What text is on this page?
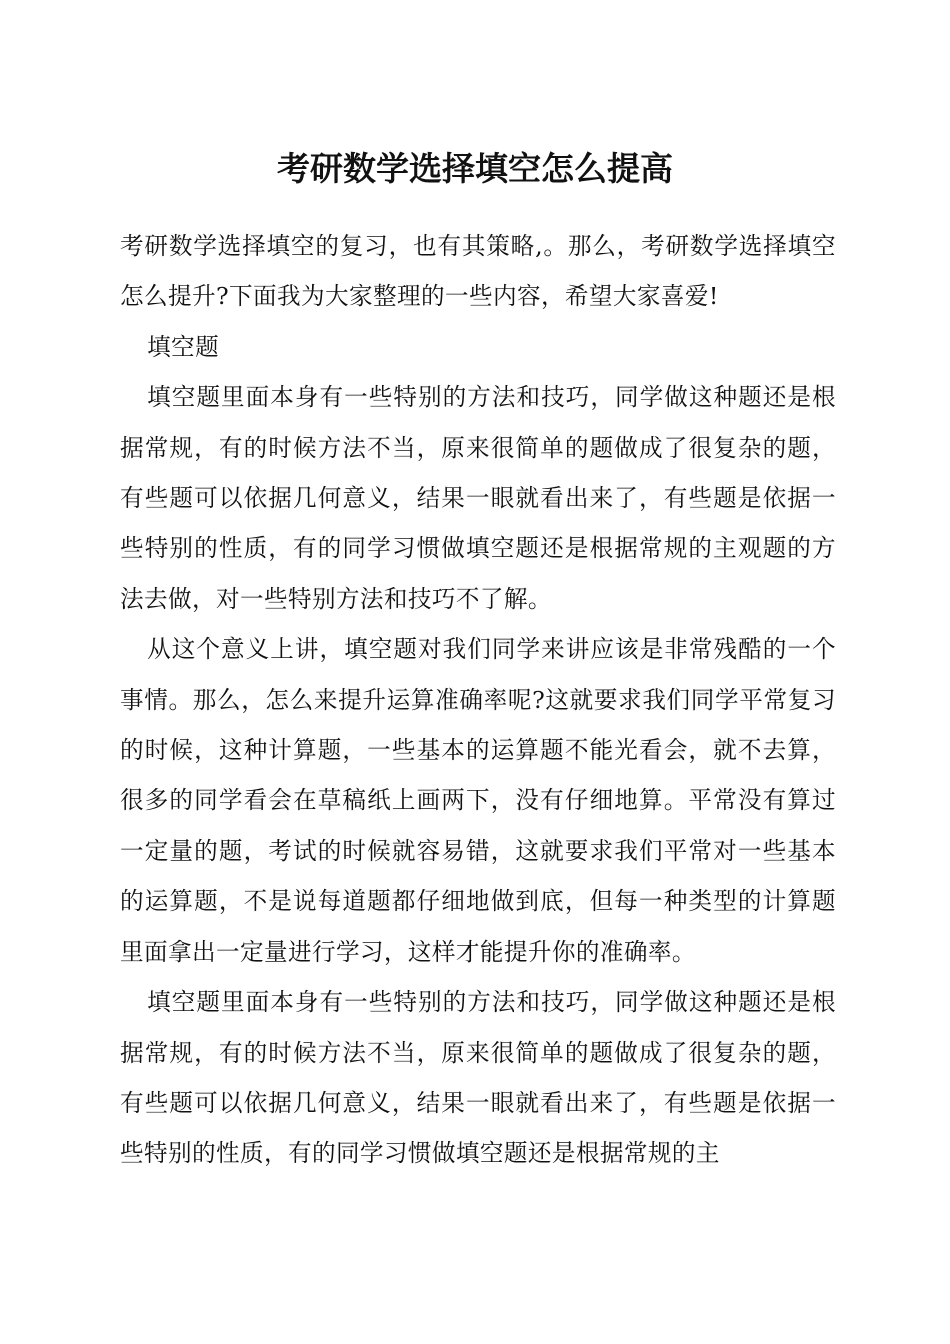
考研数学选择填空怎么提高

考研数学选择填空的复习，也有其策略,。那么，考研数学选择填空怎么提升?下面我为大家整理的一些内容，希望大家喜爱!

填空题

填空题里面本身有一些特别的方法和技巧，同学做这种题还是根据常规，有的时候方法不当，原来很简单的题做成了很复杂的题，有些题可以依据几何意义，结果一眼就看出来了，有些题是依据一些特别的性质，有的同学习惯做填空题还是根据常规的主观题的方法去做，对一些特别方法和技巧不了解。

从这个意义上讲，填空题对我们同学来讲应该是非常残酷的一个事情。那么，怎么来提升运算准确率呢?这就要求我们同学平常复习的时候，这种计算题，一些基本的运算题不能光看会，就不去算，很多的同学看会在草稿纸上画两下，没有仔细地算。平常没有算过一定量的题，考试的时候就容易错，这就要求我们平常对一些基本的运算题，不是说每道题都仔细地做到底，但每一种类型的计算题里面拿出一定量进行学习，这样才能提升你的准确率。

填空题里面本身有一些特别的方法和技巧，同学做这种题还是根据常规，有的时候方法不当，原来很简单的题做成了很复杂的题，有些题可以依据几何意义，结果一眼就看出来了，有些题是依据一些特别的性质，有的同学习惯做填空题还是根据常规的主
